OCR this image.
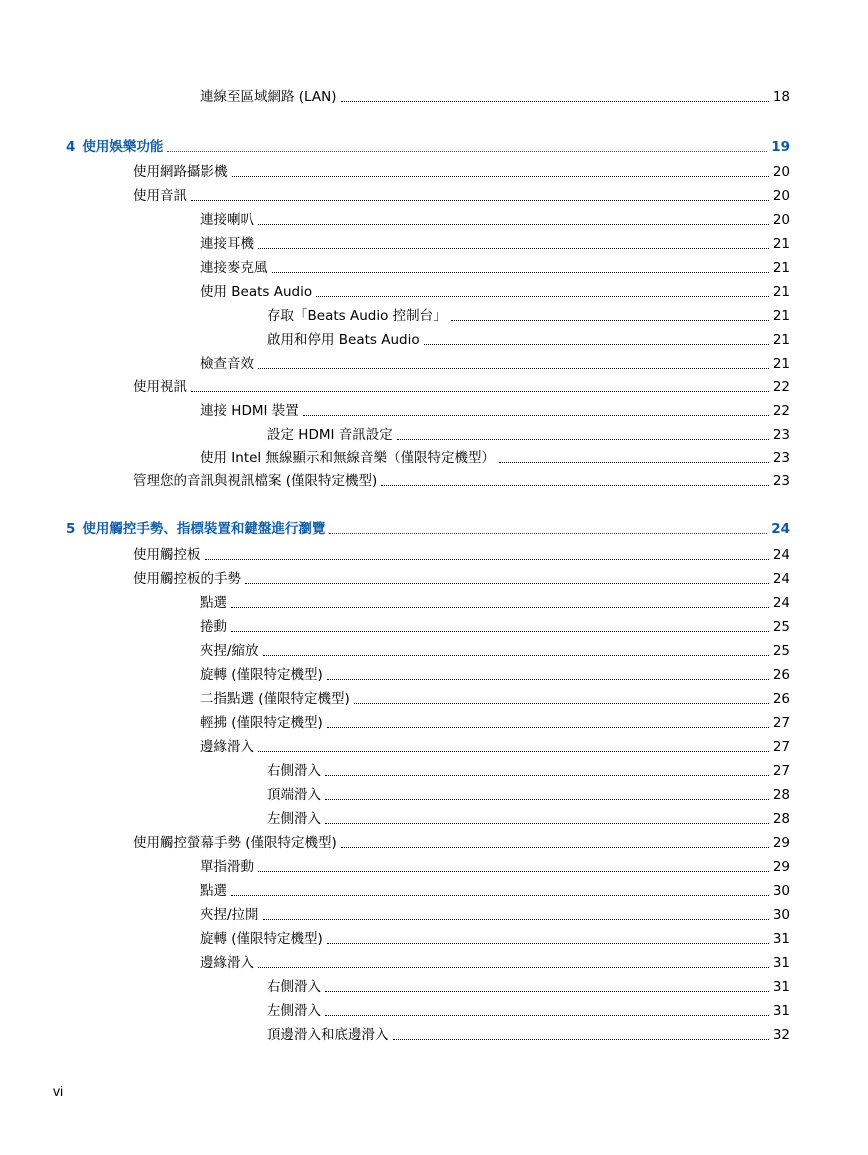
連線至區域網路 (LAN)	18
4 使用娛樂功能	19
使用網路攝影機	20
使用音訊	20
連接喇叭	20
連接耳機	21
連接麥克風	21
使用 Beats Audio	21
存取「Beats Audio 控制台」	21
啟用和停用 Beats Audio	21
檢查音效	21
使用視訊	22
連接 HDMI 裝置	22
設定 HDMI 音訊設定	23
使用 Intel 無線顯示和無線音樂（僅限特定機型）	23
管理您的音訊與視訊檔案 (僅限特定機型)	23
5 使用觸控手勢、指標裝置和鍵盤進行瀏覽	24
使用觸控板	24
使用觸控板的手勢	24
點選	24
捲動	25
夾捏/縮放	25
旋轉 (僅限特定機型)	26
二指點選 (僅限特定機型)	26
輕拂 (僅限特定機型)	27
邊緣滑入	27
右側滑入	27
頂端滑入	28
左側滑入	28
使用觸控螢幕手勢 (僅限特定機型)	29
單指滑動	29
點選	30
夾捏/拉開	30
旋轉 (僅限特定機型)	31
邊緣滑入	31
右側滑入	31
左側滑入	31
頂邊滑入和底邊滑入	32
vi
